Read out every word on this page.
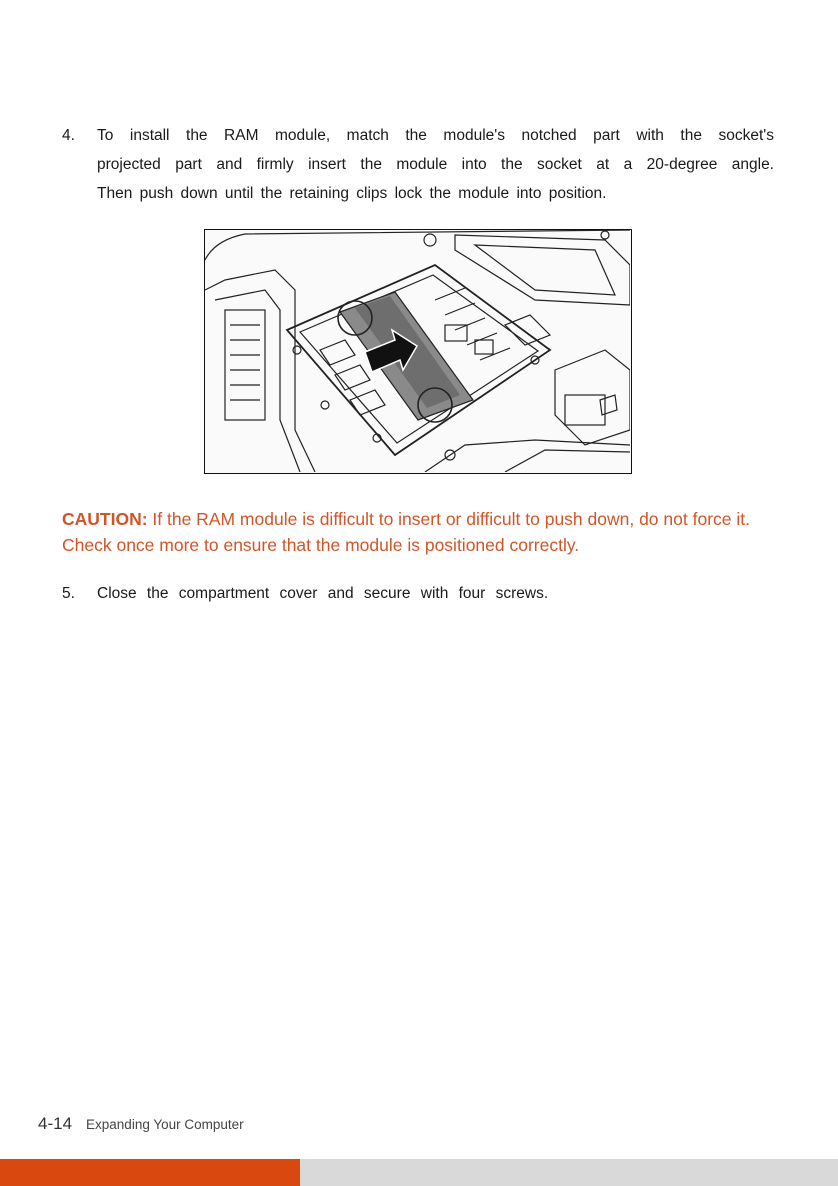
4. To install the RAM module, match the module's notched part with the socket's
projected part and firmly insert the module into the socket at a 20-degree angle.
Then push down until the retaining clips lock the module into position.
CAUTION: If the RAM module is difficult to insert or difficult to push down, do not force it. Check once more to ensure that the module is positioned correctly.
5. Close the compartment cover and secure with four screws.
4-14 Expanding Your Computer
